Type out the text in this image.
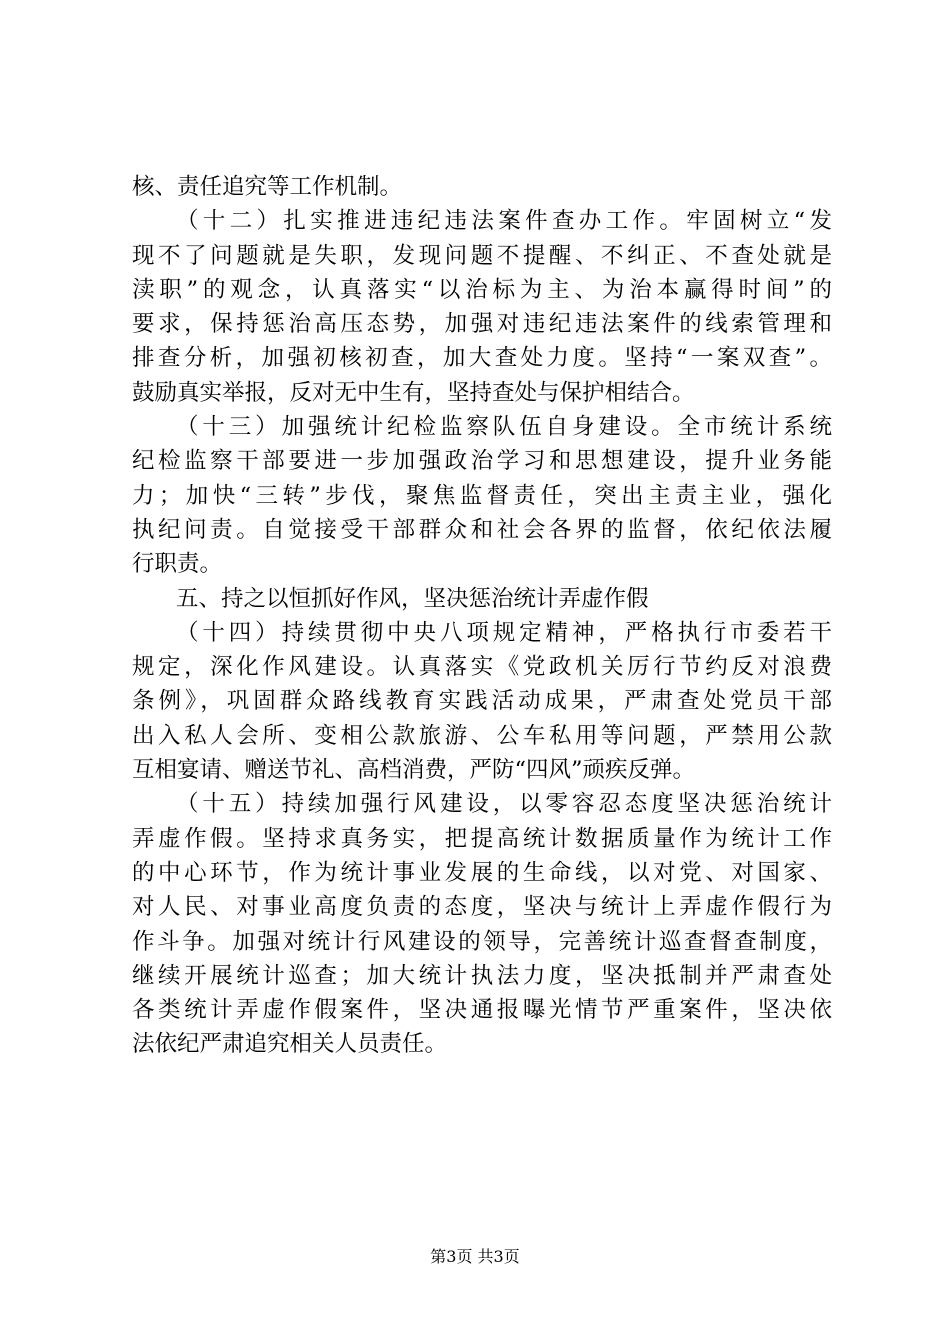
核、责任追究等工作机制。
（十二）扎实推进违纪违法案件查办工作。牢固树立“发
现不了问题就是失职，发现问题不提醒、不纠正、不查处就是
渎职”的观念，认真落实“以治标为主、为治本赢得时间”的
要求，保持惩治高压态势，加强对违纪违法案件的线索管理和
排查分析，加强初核初查，加大查处力度。坚持“一案双查”。
鼓励真实举报，反对无中生有，坚持查处与保护相结合。
（十三）加强统计纪检监察队伍自身建设。全市统计系统
纪检监察干部要进一步加强政治学习和思想建设，提升业务能
力；加快“三转”步伐，聚焦监督责任，突出主责主业，强化
执纪问责。自觉接受干部群众和社会各界的监督，依纪依法履
行职责。
五、持之以恒抓好作风，坚决惩治统计弄虚作假
（十四）持续贯彻中央八项规定精神，严格执行市委若干
规定，深化作风建设。认真落实《党政机关厉行节约反对浪费
条例》，巩固群众路线教育实践活动成果，严肃查处党员干部
出入私人会所、变相公款旅游、公车私用等问题，严禁用公款
互相宴请、赠送节礼、高档消费，严防“四风”顽疾反弹。
（十五）持续加强行风建设，以零容忍态度坚决惩治统计
弄虚作假。坚持求真务实，把提高统计数据质量作为统计工作
的中心环节，作为统计事业发展的生命线，以对党、对国家、
对人民、对事业高度负责的态度，坚决与统计上弄虚作假行为
作斗争。加强对统计行风建设的领导，完善统计巡查督查制度，
继续开展统计巡查；加大统计执法力度，坚决抵制并严肃查处
各类统计弄虚作假案件，坚决通报曝光情节严重案件，坚决依
法依纪严肃追究相关人员责任。
第3页 共3页
